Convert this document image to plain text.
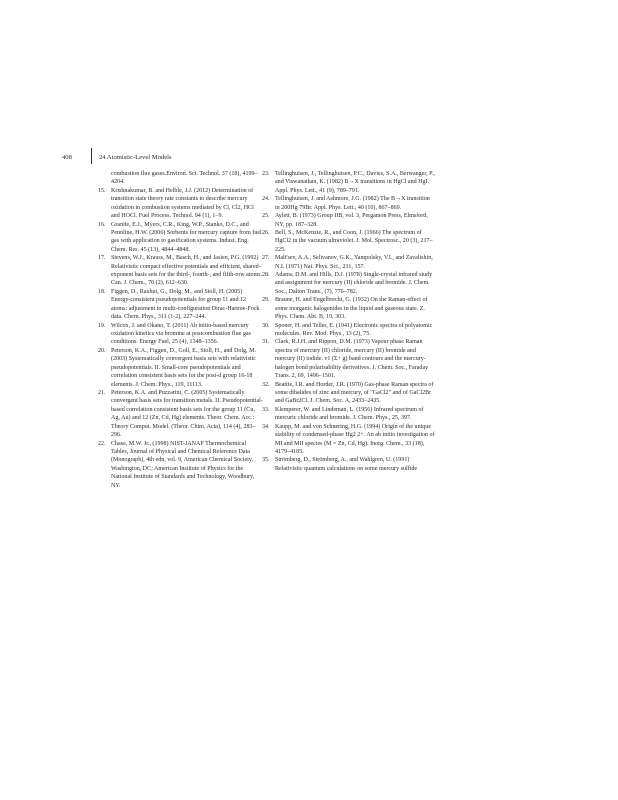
408	24 Atomistic-Level Models

combustion flue gases.Environ. Sci. Technol. 37 (18), 4199–4204.

15. Krishnakumar, B. and Helble, J.J. (2012) Determination of transition state theory rate constants to describe mercury oxidation in combustion systems mediated by Cl, Cl2, HCl and HOCl. Fuel Process. Technol. 94 (1), 1–9.

16. Granite, E.J., Myers, C.R., King, W.P., Stanko, D.C., and Pennline, H.W. (2006) Sorbents for mercury capture from fuel gas with application to gasification systems. Indust. Eng. Chem. Res. 45 (13), 4844–4848.

17. Stevens, W.J., Krauss, M., Basch, H., and Jasien, P.G. (1992) Relativistic compact effective potentials and efficient, shared-exponent basis sets for the third-, fourth-, and fifth-row atoms. Can. J. Chem., 70 (2), 612–630.

18. Figgen, D., Rauhut, G., Dolg, M., and Stoll, H. (2005) Energy-consistent pseudopotentials for group 11 and 12 atoms: adjustment to multi-configuration Dirac-Hartree-Fock data. Chem. Phys., 311 (1-2), 227–244.

19. Wilcox, J. and Okano, T. (2011) Ab initio-based mercury oxidation kinetics via bromine at postcombustion flue gas conditions. Energy Fuel, 25 (4), 1348–1356.

20. Peterson, K.A., Figgen, D., Goll, E., Stoll, H., and Dolg, M. (2003) Systematically convergent basis sets with relativistic pseudopotentials. II. Small-core pseudopotentials and correlation consistent basis sets for the post-d group 16-18 elements. J. Chem. Phys., 119, 11113.

21. Peterson, K.A. and Puzzarini, C. (2005) Systematically convergent basis sets for transition metals. II. Pseudopotential-based correlation consistent basis sets for the group 11 (Cu, Ag, Au) and 12 (Zn, Cd, Hg) elements. Theor. Chem. Acc.: Theory Comput. Model. (Theor. Chim. Acta), 114 (4), 283–296.

22. Chase, M.W. Jr., (1998) NIST-JANAF Thermochemical Tables, Journal of Physical and Chemical Reference Data (Monograph), 4th edn, vol. 9, American Chemical Society, Washington, DC; American Institute of Physics for the National Institute of Standards and Technology, Woodbury, NY.

23. Tellinghuisen, J., Tellinghuisen, P.C., Davies, S.A., Berwanger, P., and Viswanathan, K. (1982) B→X transitions in HgCl and HgI. Appl. Phys. Lett., 41 (9), 789–791.

24. Tellinghuisen, J. and Ashmore, J.G. (1982) The B→X transition in 200Hg 79Br. Appl. Phys. Lett., 40 (10), 867–869.

25. Aylett, B. (1973) Group IIB, vol. 3, Pergamon Press, Elmsford, NY, pp. 187–328.

26. Bell, S., McKenzie, R., and Coon, J. (1966) The spectrum of HgCl2 in the vacuum ultraviolet. J. Mol. Spectrosc., 20 (3), 217–225.

27. Malt'sev, A.A., Selivanov, G.K., Yampolsky, V.I., and Zavalishin, N.I. (1971) Nat. Phys. Sci., 231, 157.

28. Adams, D.M. and Hills, D.J. (1978) Single-crystal infrared study and assignment for mercury (II) chloride and bromide. J. Chem. Soc., Dalton Trans., (7), 776–782.

29. Braune, H. and Engelbrecht, G. (1932) On the Raman-effect of some inorganic halogenides in the liquid and gaseous state. Z. Phys. Chem. Abt. B, 19, 303.

30. Sponer, H. and Teller, E. (1941) Electronic spectra of polyatomic molecules. Rev. Mod. Phys., 13 (2), 75.

31. Clark, R.J.H. and Rippon, D.M. (1973) Vapour phase Raman spectra of mercury (II) chloride, mercury (II) bromide and mercury (II) iodide. v1 (Σ+ g) band contours and the mercury-halogen bond polarisability derivatives. J. Chem. Soc., Faraday Trans. 2, 69, 1496–1501.

32. Beattie, I.R. and Horder, J.R. (1970) Gas-phase Raman spectra of some dihalides of zinc and mercury, of "GaCl2" and of GaCl2Br and GaBr2Cl. J. Chem. Soc. A, 2433–2435.

33. Klemperer, W. and Lindeman, L. (1956) Infrared spectrum of mercuric chloride and bromide. J. Chem. Phys., 25, 397.

34. Kaupp, M. and von Schnering, H.G. (1994) Origin of the unique stability of condensed-phase Hg2 2+. An ab initio investigation of MI and MII species (M = Zn, Cd, Hg). Inorg. Chem., 33 (18), 4179–4185.

35. Strömberg, D., Strömberg, A., and Wahlgren, U. (1991) Relativistic quantum calculations on some mercury sulfide
